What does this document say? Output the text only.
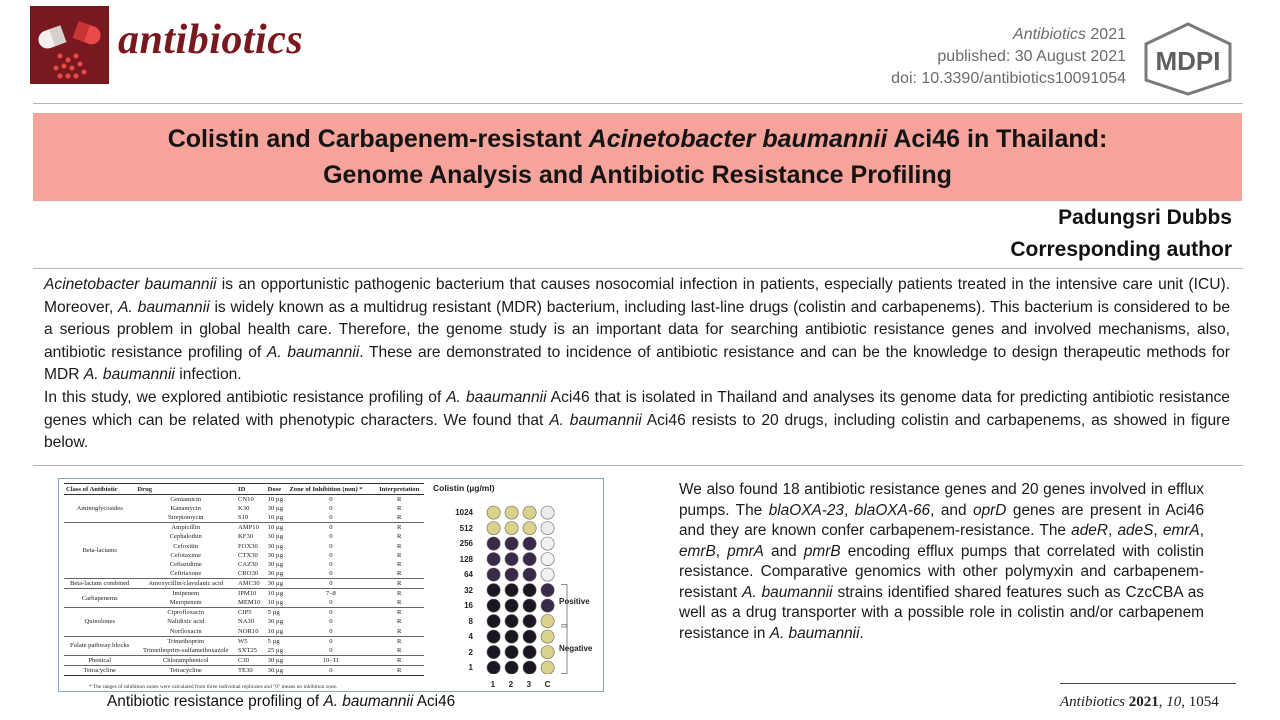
antibiotics	Antibiotics 2021
published: 30 August 2021
doi: 10.3390/antibiotics10091054
MDPI
Colistin and Carbapenem-resistant Acinetobacter baumannii Aci46 in Thailand:
Genome Analysis and Antibiotic Resistance Profiling
Padungsri Dubbs
Corresponding author

Acinetobacter baumannii is an opportunistic pathogenic bacterium that causes nosocomial infection in patients, especially patients treated in the intensive care unit (ICU). Moreover, A. baumannii is widely known as a multidrug resistant (MDR) bacterium, including last-line drugs (colistin and carbapenems). This bacterium is considered to be a serious problem in global health care. Therefore, the genome study is an important data for searching antibiotic resistance genes and involved mechanisms, also, antibiotic resistance profiling of A. baumannii. These are demonstrated to incidence of antibiotic resistance and can be the knowledge to design therapeutic methods for MDR A. baumannii infection.

In this study, we explored antibiotic resistance profiling of A. baaumannii Aci46 that is isolated in Thailand and analyses its genome data for predicting antibiotic resistance genes which can be related with phenotypic characters. We found that A. baumannii Aci46 resists to 20 drugs, including colistin and carbapenems, as showed in figure below.

Class of Antibiotic	Drug	ID	Dose	Zone of Inhibition (mm) *	Interpretation
Aminoglycosides	Gentamicin	CN10	10 µg	0	R
	Kanamycin	K30	30 µg	0	R
	Streptomycin	S10	10 µg	0	R
Beta-lactams	Ampicillin	AMP10	10 µg	0	R
	Cephalothin	KF30	30 µg	0	R
	Cefoxitin	FOX30	30 µg	0	R
	Cefotaxime	CTX30	30 µg	0	R
	Ceftazidime	CAZ30	30 µg	0	R
	Ceftriaxone	CRO30	30 µg	0	R
Beta-lactam combined	Amoxycillin/clavulanic acid	AMC30	30 µg	0	R
Carbapenems	Imipenem	IPM10	10 µg	7–8	R
	Meropenem	MEM10	10 µg	0	R
Quinolones	Ciprofloxacin	CIP5	5 µg	0	R
	Nalidixic acid	NA30	30 µg	0	R
	Norfloxacin	NOR10	10 µg	0	R
Folate pathway blocks	Trimethoprim	W5	5 µg	0	R
	Trimethoprim-sulfamethoxazole	SXT25	25 µg	0	R
Phenical	Chloramphenicol	C30	30 µg	10–11	R
Tetracycline	Tetracycline	TE30	30 µg	0	R
* The ranges of inhibition zones were calculated from three individual replicates and "0" means no inhibition zone.
Colistin (µg/ml)
1024
512
256
128
64
32
16
8
4
2
1
1 2 3 C
Positive
Negative
We also found 18 antibiotic resistance genes and 20 genes involved in efflux pumps. The blaOXA-23, blaOXA-66, and oprD genes are present in Aci46 and they are known confer carbapenem-resistance. The adeR, adeS, emrA, emrB, pmrA and pmrB encoding efflux pumps that correlated with colistin resistance. Comparative genomics with other polymyxin and carbapenem-resistant A. baumannii strains identified shared features such as CzcCBA as well as a drug transporter with a possible role in colistin and/or carbapenem resistance in A. baumannii.
Antibiotic resistance profiling of A. baumannii Aci46	Antibiotics 2021, 10, 1054
